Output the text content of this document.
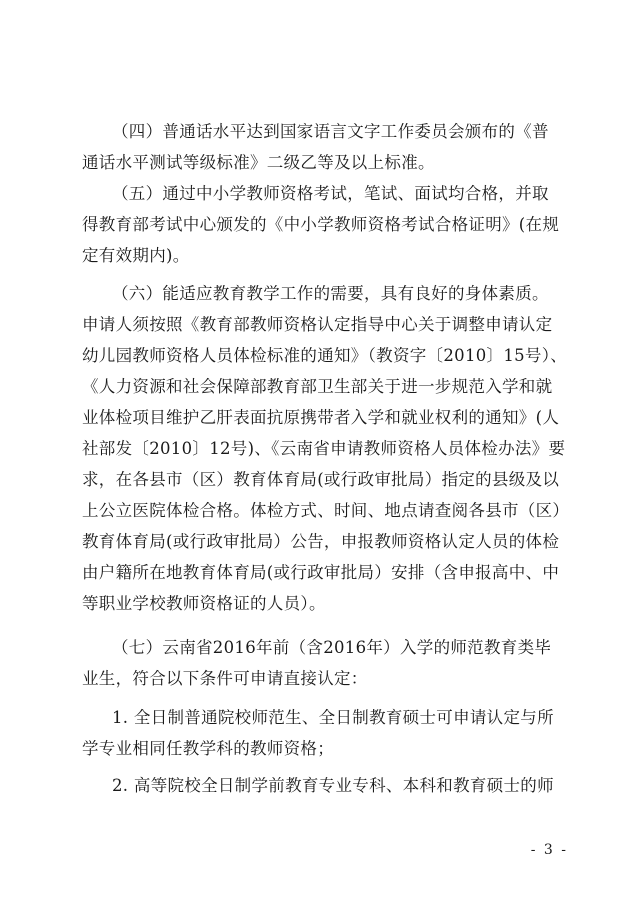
（四）普通话水平达到国家语言文字工作委员会颁布的《普
通话水平测试等级标准》二级乙等及以上标准。
（五）通过中小学教师资格考试，笔试、面试均合格，并取
得教育部考试中心颁发的《中小学教师资格考试合格证明》(在规
定有效期内)。
（六）能适应教育教学工作的需要，具有良好的身体素质。
申请人须按照《教育部教师资格认定指导中心关于调整申请认定
幼儿园教师资格人员体检标准的通知》（教资字〔2010〕15号）、
《人力资源和社会保障部教育部卫生部关于进一步规范入学和就
业体检项目维护乙肝表面抗原携带者入学和就业权利的通知》(人
社部发〔2010〕12号)、《云南省申请教师资格人员体检办法》要
求，在各县市（区）教育体育局(或行政审批局）指定的县级及以
上公立医院体检合格。体检方式、时间、地点请查阅各县市（区）
教育体育局(或行政审批局）公告，申报教师资格认定人员的体检
由户籍所在地教育体育局(或行政审批局）安排（含申报高中、中
等职业学校教师资格证的人员）。
（七）云南省2016年前（含2016年）入学的师范教育类毕
业生，符合以下条件可申请直接认定：
1. 全日制普通院校师范生、全日制教育硕士可申请认定与所
学专业相同任教学科的教师资格；
2. 高等院校全日制学前教育专业专科、本科和教育硕士的师
- 3 -
